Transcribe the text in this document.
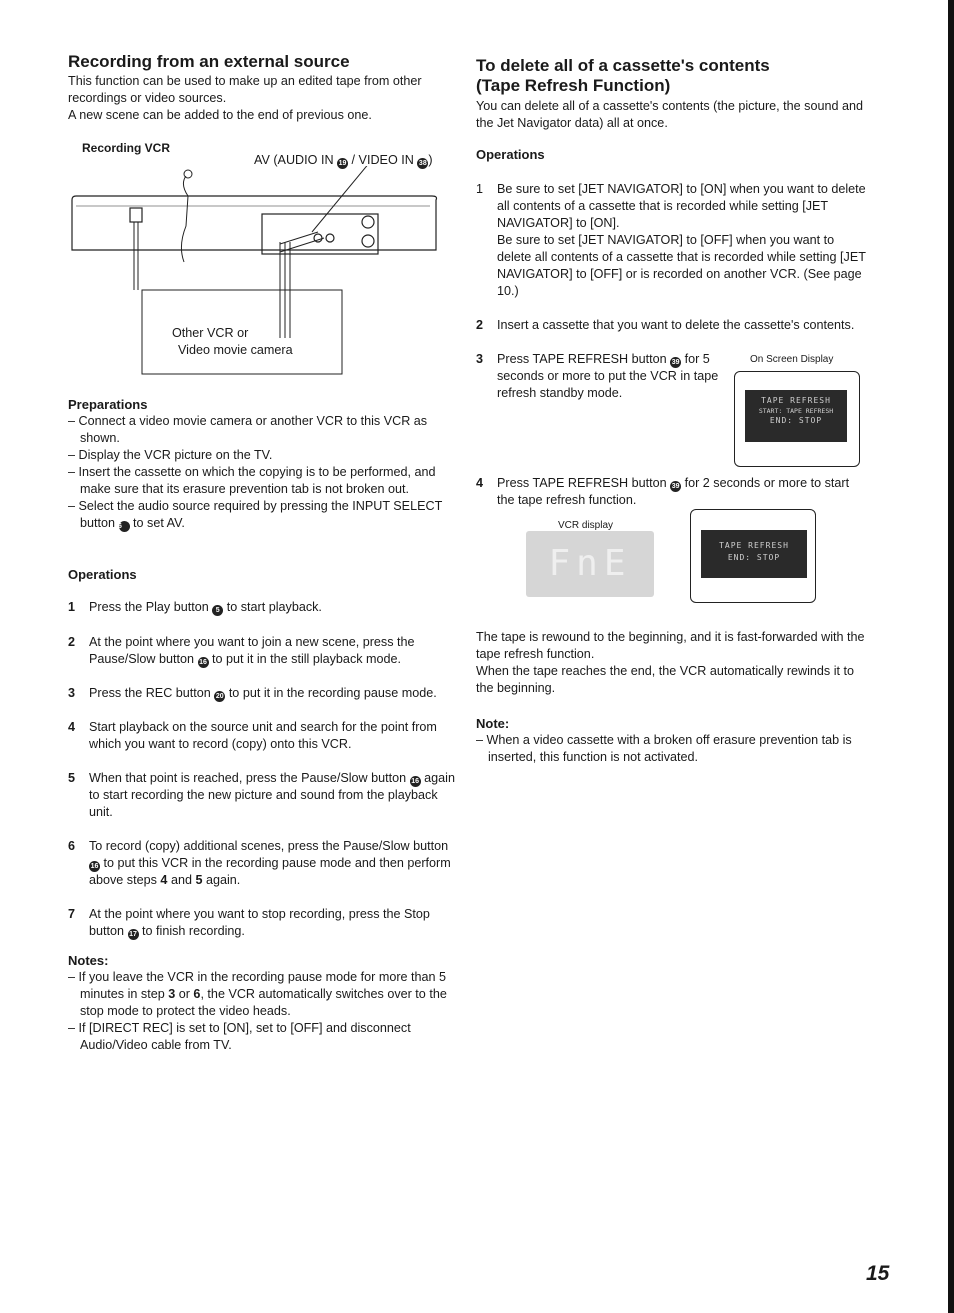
Recording from an external source

This function can be used to make up an edited tape from other recordings or video sources.

A new scene can be added to the end of previous one.

Recording VCR
AV (AUDIO IN 19 / VIDEO IN 38 )
Other VCR or
Video movie camera
Preparations

– Connect a video movie camera or another VCR to this VCR as shown.

– Display the VCR picture on the TV.

– Insert the cassette on which the copying is to be performed, and make sure that its erasure prevention tab is not broken out.

– Select the audio source required by pressing the INPUT SELECT button 36 to set AV.

Operations
1 Press the Play button 5 to start playback.
2 At the point where you want to join a new scene, press the Pause/Slow button 16 to put it in the still playback mode.
3 Press the REC button 20 to put it in the recording pause mode.
4 Start playback on the source unit and search for the point from which you want to record (copy) onto this VCR.
5 When that point is reached, press the Pause/Slow button 16 again to start recording the new picture and sound from the playback unit.
6 To record (copy) additional scenes, press the Pause/Slow button 16 to put this VCR in the recording pause mode and then perform above steps 4 and 5 again.
7 At the point where you want to stop recording, press the Stop button 17 to finish recording.
Notes:

– If you leave the VCR in the recording pause mode for more than 5 minutes in step 3 or 6, the VCR automatically switches over to the stop mode to protect the video heads.

– If [DIRECT REC] is set to [ON], set to [OFF] and disconnect Audio/Video cable from TV.

To delete all of a cassette's contents
(Tape Refresh Function)

You can delete all of a cassette's contents (the picture, the sound and the Jet Navigator data) all at once.

Operations
1 Be sure to set [JET NAVIGATOR] to [ON] when you want to delete all contents of a cassette that is recorded while setting [JET NAVIGATOR] to [ON].

Be sure to set [JET NAVIGATOR] to [OFF] when you want to delete all contents of a cassette that is recorded while setting [JET NAVIGATOR] to [OFF] or is recorded on another VCR. (See page 10.)

2 Insert a cassette that you want to delete the cassette's contents.
3 Press TAPE REFRESH button 39 for 5 seconds or more to put the VCR in tape refresh standby mode.
On Screen Display
TAPE REFRESH
START: TAPE REFRESH
END: STOP
4 Press TAPE REFRESH button 39 for 2 seconds or more to start the tape refresh function.
VCR display
FnE	TAPE REFRESH
END: STOP

The tape is rewound to the beginning, and it is fast-forwarded with the tape refresh function.

When the tape reaches the end, the VCR automatically rewinds it to the beginning.

Note:

– When a video cassette with a broken off erasure prevention tab is inserted, this function is not activated.

15
